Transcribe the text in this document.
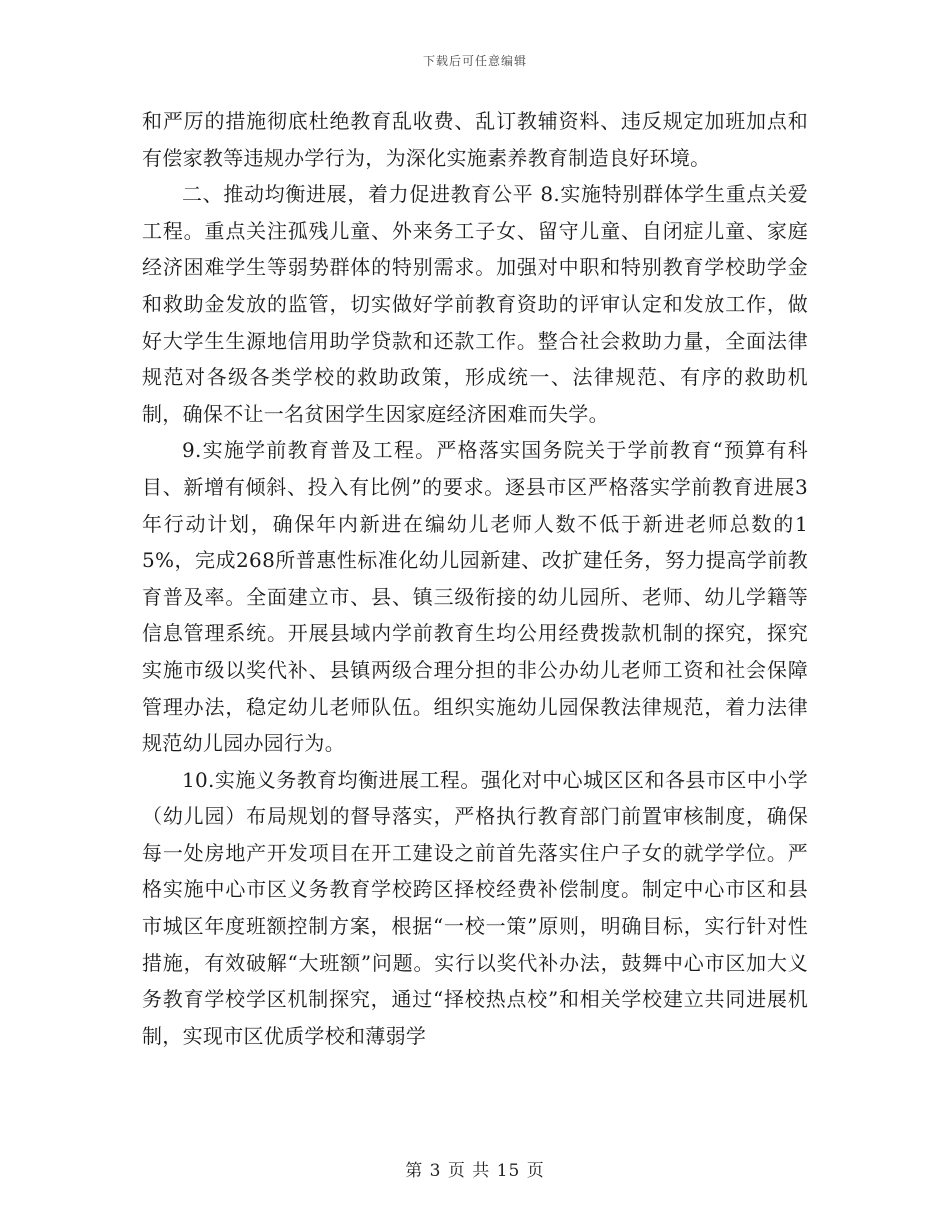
下载后可任意编辑

和严厉的措施彻底杜绝教育乱收费、乱订教辅资料、违反规定加班加点和有偿家教等违规办学行为，为深化实施素养教育制造良好环境。

二、推动均衡进展，着力促进教育公平 8.实施特别群体学生重点关爱工程。重点关注孤残儿童、外来务工子女、留守儿童、自闭症儿童、家庭经济困难学生等弱势群体的特别需求。加强对中职和特别教育学校助学金和救助金发放的监管，切实做好学前教育资助的评审认定和发放工作，做好大学生生源地信用助学贷款和还款工作。整合社会救助力量，全面法律规范对各级各类学校的救助政策，形成统一、法律规范、有序的救助机制，确保不让一名贫困学生因家庭经济困难而失学。

9.实施学前教育普及工程。严格落实国务院关于学前教育“预算有科目、新增有倾斜、投入有比例”的要求。逐县市区严格落实学前教育进展3年行动计划，确保年内新进在编幼儿老师人数不低于新进老师总数的15%，完成268所普惠性标准化幼儿园新建、改扩建任务，努力提高学前教育普及率。全面建立市、县、镇三级衔接的幼儿园所、老师、幼儿学籍等信息管理系统。开展县域内学前教育生均公用经费拨款机制的探究，探究实施市级以奖代补、县镇两级合理分担的非公办幼儿老师工资和社会保障管理办法，稳定幼儿老师队伍。组织实施幼儿园保教法律规范，着力法律规范幼儿园办园行为。

10.实施义务教育均衡进展工程。强化对中心城区区和各县市区中小学（幼儿园）布局规划的督导落实，严格执行教育部门前置审核制度，确保每一处房地产开发项目在开工建设之前首先落实住户子女的就学学位。严格实施中心市区义务教育学校跨区择校经费补偿制度。制定中心市区和县市城区年度班额控制方案，根据“一校一策”原则，明确目标，实行针对性措施，有效破解“大班额”问题。实行以奖代补办法，鼓舞中心市区加大义务教育学校学区机制探究，通过“择校热点校”和相关学校建立共同进展机制，实现市区优质学校和薄弱学

第 3 页 共 15 页
